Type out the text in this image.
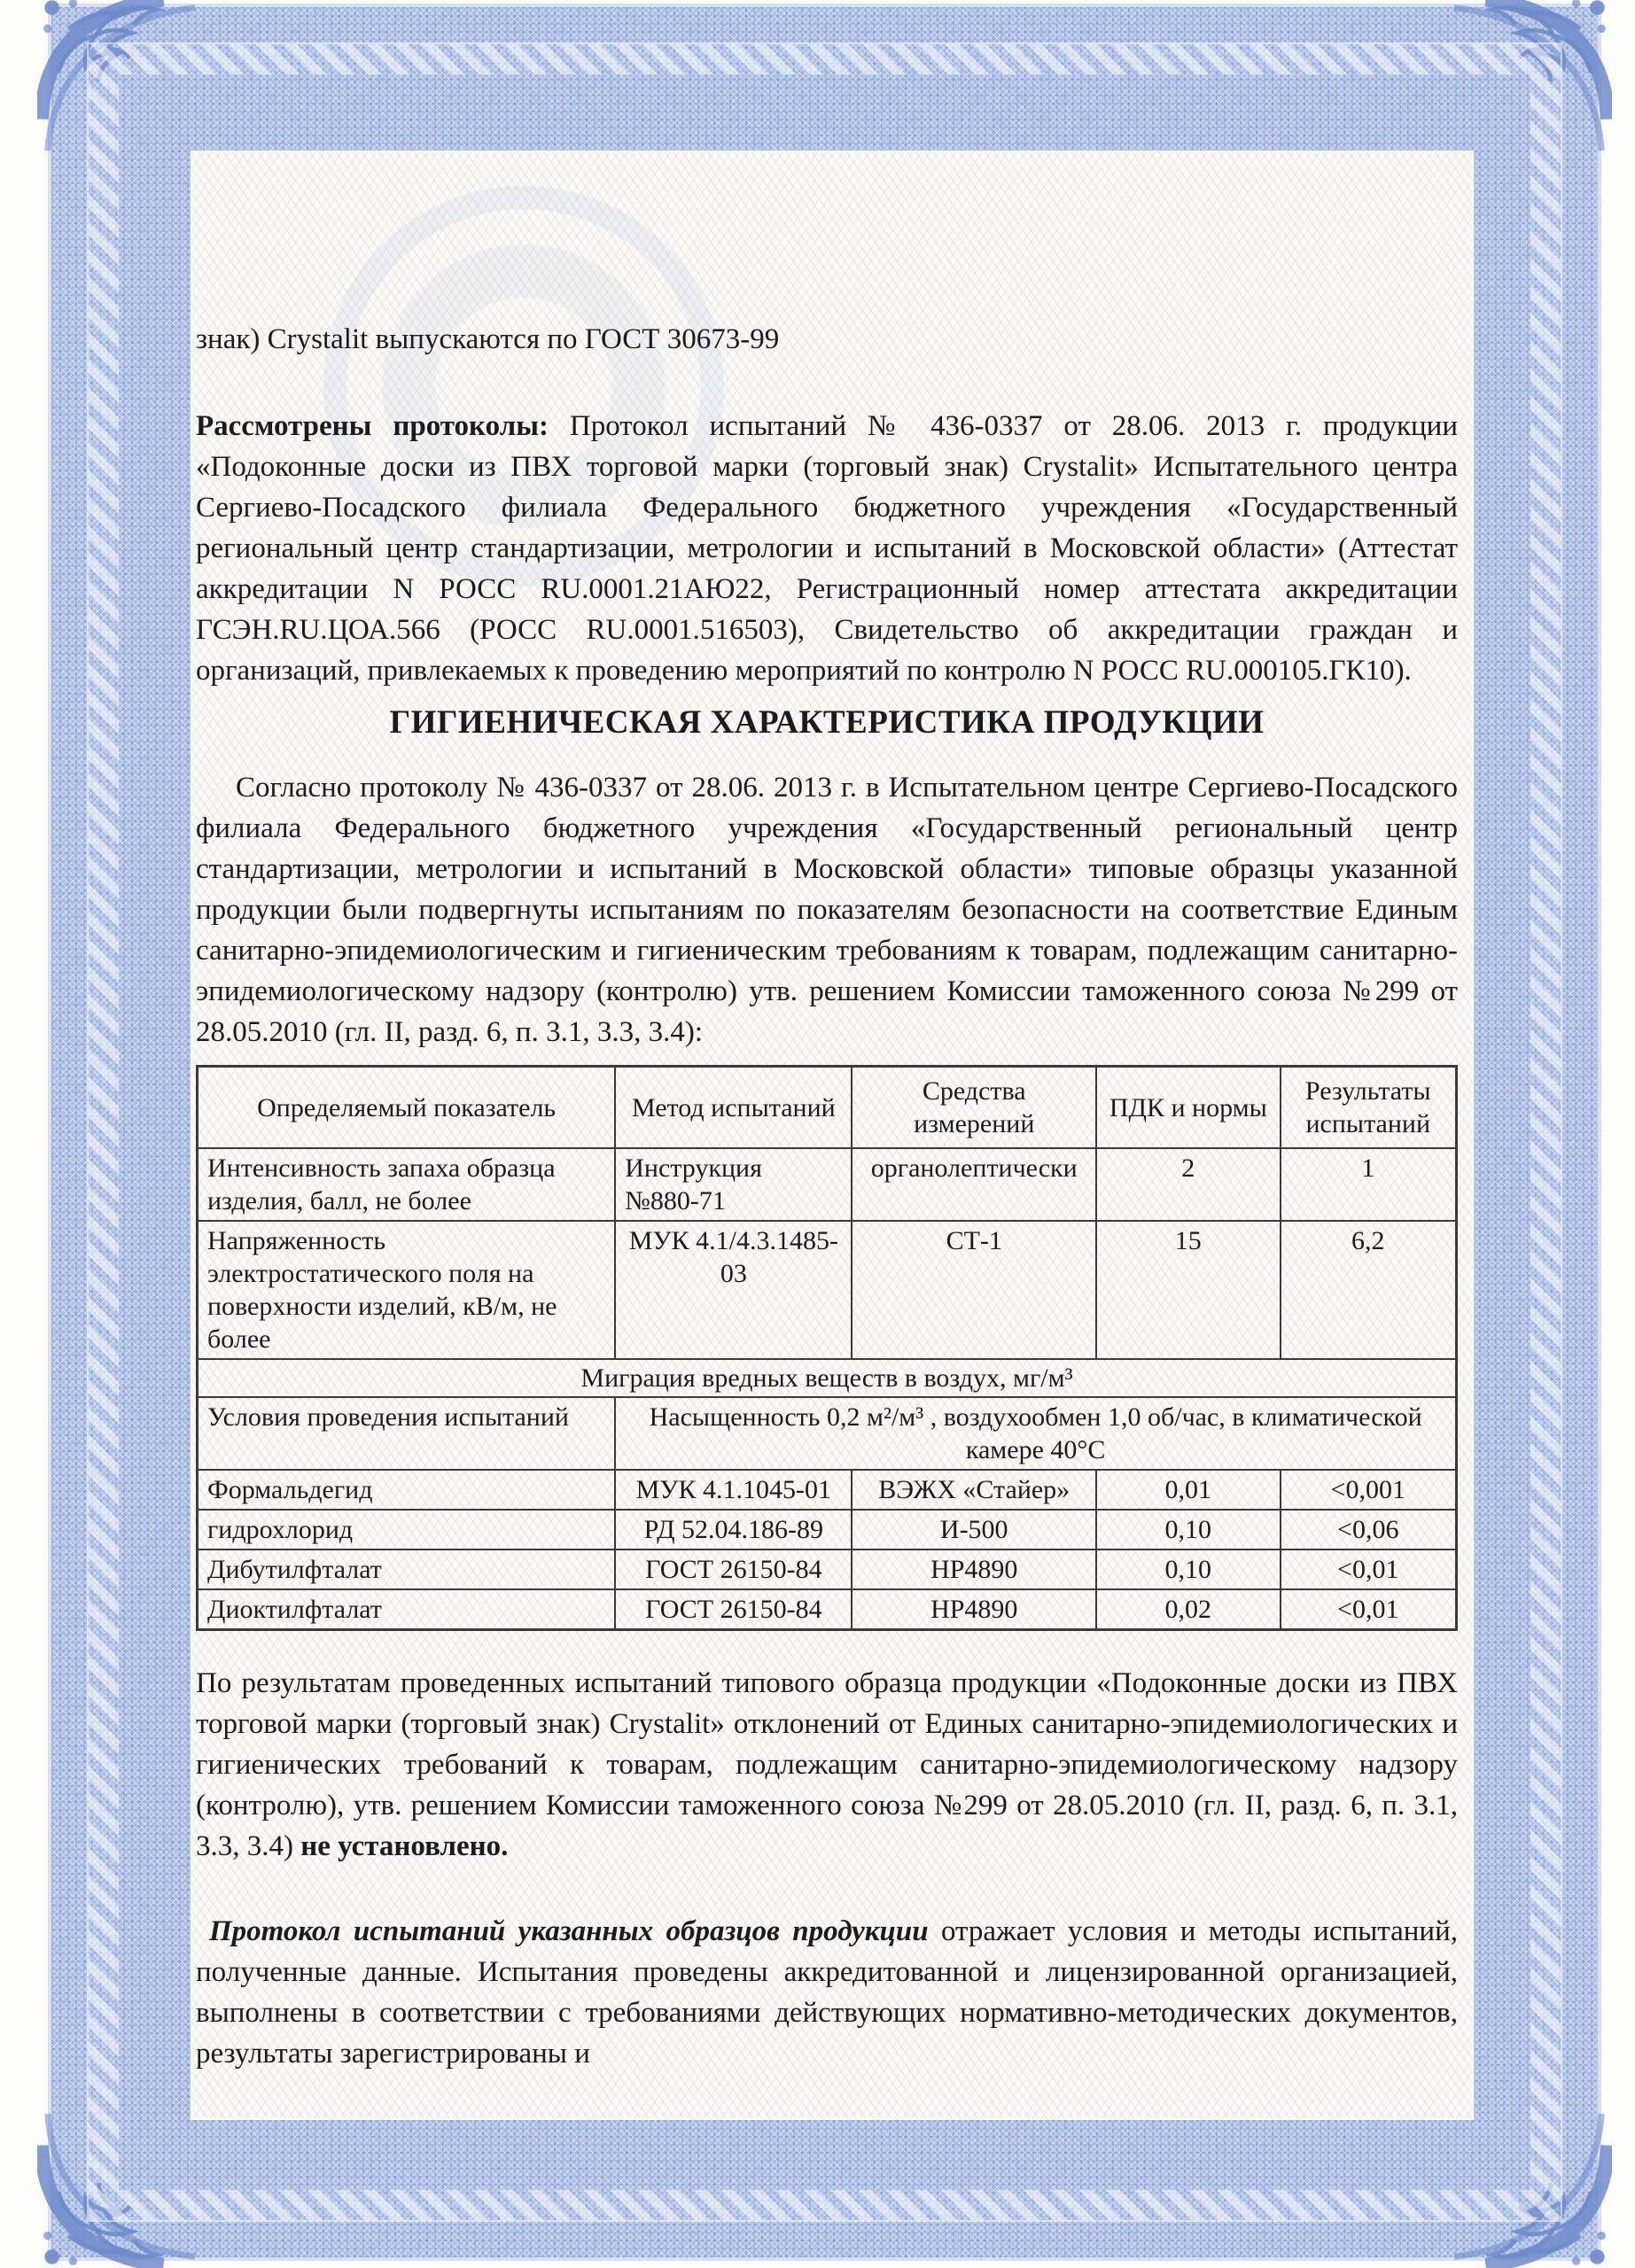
знак) Crystalit выпускаются по ГОСТ 30673-99

Рассмотрены протоколы: Протокол испытаний № 436-0337 от 28.06. 2013 г. продукции «Подоконные доски из ПВХ торговой марки (торговый знак) Crystalit» Испытательного центра Сергиево-Посадского филиала Федерального бюджетного учреждения «Государственный региональный центр стандартизации, метрологии и испытаний в Московской области» (Аттестат аккредитации N РОСС RU.0001.21АЮ22, Регистрационный номер аттестата аккредитации ГСЭН.RU.ЦОА.566 (РОСС RU.0001.516503), Свидетельство об аккредитации граждан и организаций, привлекаемых к проведению мероприятий по контролю N РОСС RU.000105.ГК10).

ГИГИЕНИЧЕСКАЯ ХАРАКТЕРИСТИКА ПРОДУКЦИИ

Согласно протоколу № 436-0337 от 28.06. 2013 г. в Испытательном центре Сергиево-Посадского филиала Федерального бюджетного учреждения «Государственный региональный центр стандартизации, метрологии и испытаний в Московской области» типовые образцы указанной продукции были подвергнуты испытаниям по показателям безопасности на соответствие Единым санитарно-эпидемиологическим и гигиеническим требованиям к товарам, подлежащим санитарно-эпидемиологическому надзору (контролю) утв. решением Комиссии таможенного союза №299 от 28.05.2010 (гл. II, разд. 6, п. 3.1, 3.3, 3.4):

Определяемый показатель	Метод испытаний	Средства измерений	ПДК и нормы	Результаты испытаний
Интенсивность запаха образца изделия, балл, не более	Инструкция №880-71	органолептически	2	1
Напряженность электростатического поля на поверхности изделий, кВ/м, не более	МУК 4.1/4.3.1485-03	СТ-1	15	6,2
Миграция вредных веществ в воздух, мг/м³				
Условия проведения испытаний	Насыщенность 0,2 м²/м³ , воздухообмен 1,0 об/час, в климатической камере 40°С			
Формальдегид	МУК 4.1.1045-01	ВЭЖХ «Стайер»	0,01	<0,001
гидрохлорид	РД 52.04.186-89	И-500	0,10	<0,06
Дибутилфталат	ГОСТ 26150-84	НР4890	0,10	<0,01
Диоктилфталат	ГОСТ 26150-84	НР4890	0,02	<0,01

По результатам проведенных испытаний типового образца продукции «Подоконные доски из ПВХ торговой марки (торговый знак) Crystalit» отклонений от Единых санитарно-эпидемиологических и гигиенических требований к товарам, подлежащим санитарно-эпидемиологическому надзору (контролю), утв. решением Комиссии таможенного союза №299 от 28.05.2010 (гл. II, разд. 6, п. 3.1, 3.3, 3.4) не установлено.

Протокол испытаний указанных образцов продукции отражает условия и методы испытаний, полученные данные. Испытания проведены аккредитованной и лицензированной организацией, выполнены в соответствии с требованиями действующих нормативно-методических документов, результаты зарегистрированы и
